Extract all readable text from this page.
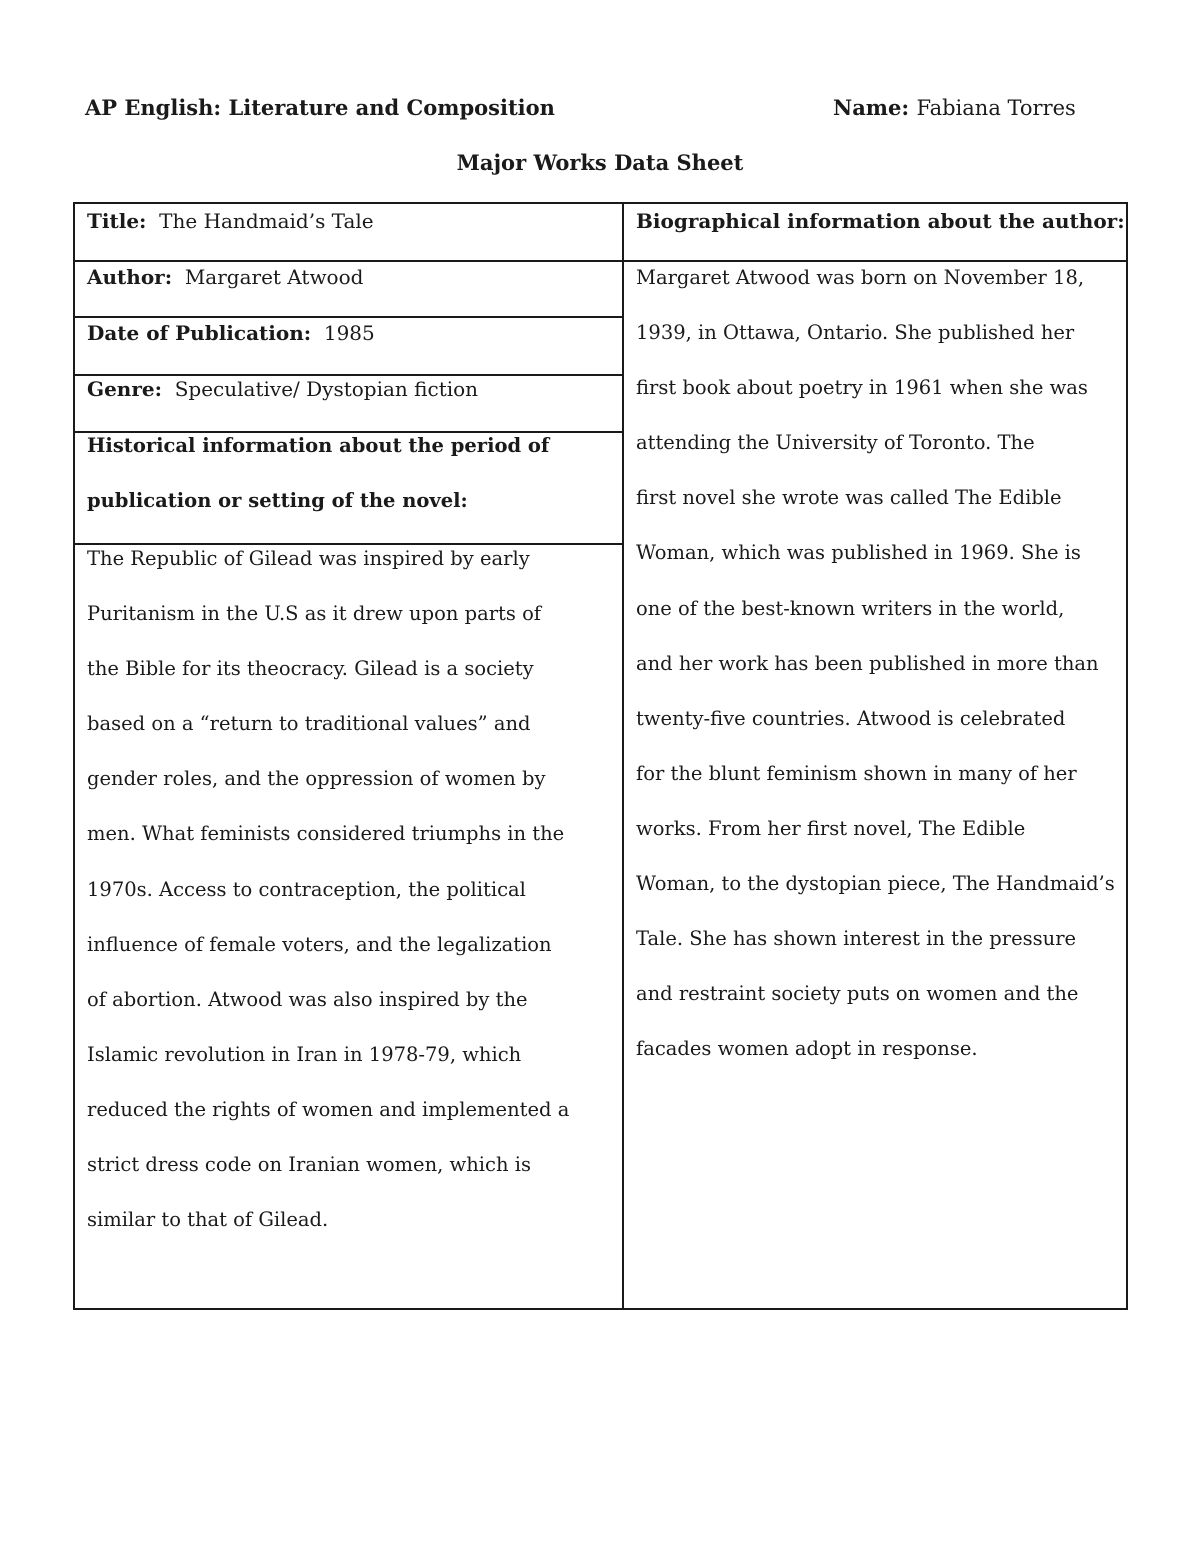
AP English: Literature and Composition	Name: Fabiana Torres
Major Works Data Sheet
Title: The Handmaid’s Tale	Biographical information about the author:
Author: Margaret Atwood
Date of Publication: 1985
Genre: Speculative/ Dystopian fiction
Historical information about the period of
publication or setting of the novel:
The Republic of Gilead was inspired by early
Puritanism in the U.S as it drew upon parts of
the Bible for its theocracy. Gilead is a society
based on a “return to traditional values” and
gender roles, and the oppression of women by
men. What feminists considered triumphs in the
1970s. Access to contraception, the political
influence of female voters, and the legalization
of abortion. Atwood was also inspired by the
Islamic revolution in Iran in 1978-79, which
reduced the rights of women and implemented a
strict dress code on Iranian women, which is
similar to that of Gilead.
Margaret Atwood was born on November 18,
1939, in Ottawa, Ontario. She published her
first book about poetry in 1961 when she was
attending the University of Toronto. The
first novel she wrote was called The Edible
Woman, which was published in 1969. She is
one of the best-known writers in the world,
and her work has been published in more than
twenty-five countries. Atwood is celebrated
for the blunt feminism shown in many of her
works. From her first novel, The Edible
Woman, to the dystopian piece, The Handmaid’s
Tale. She has shown interest in the pressure
and restraint society puts on women and the
facades women adopt in response.
